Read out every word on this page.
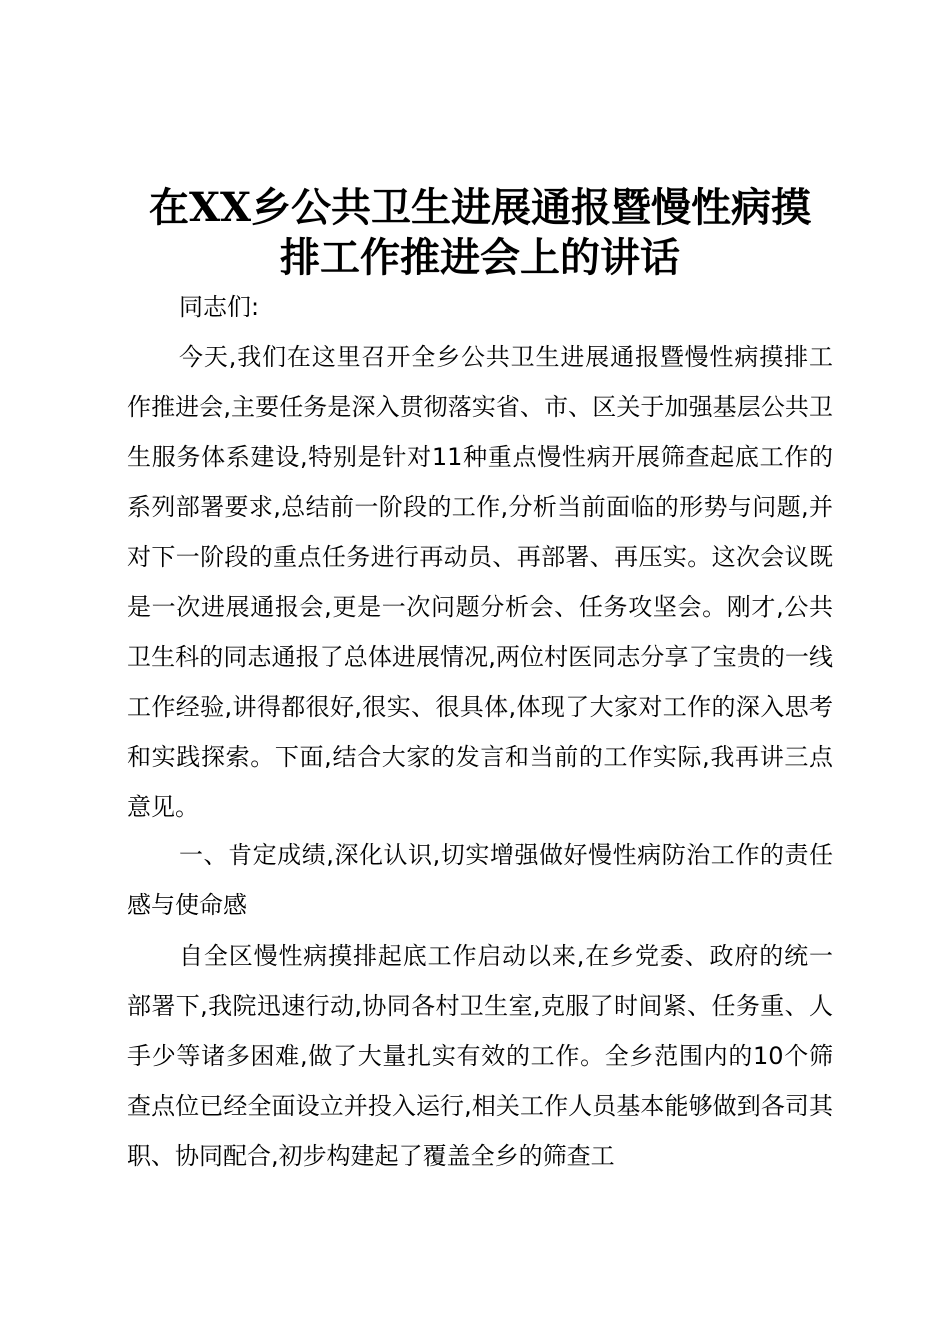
在XX乡公共卫生进展通报暨慢性病摸
排工作推进会上的讲话

同志们:

今天,我们在这里召开全乡公共卫生进展通报暨慢性病摸排工作推进会,主要任务是深入贯彻落实省、市、区关于加强基层公共卫生服务体系建设,特别是针对11种重点慢性病开展筛查起底工作的系列部署要求,总结前一阶段的工作,分析当前面临的形势与问题,并对下一阶段的重点任务进行再动员、再部署、再压实。这次会议既是一次进展通报会,更是一次问题分析会、任务攻坚会。刚才,公共卫生科的同志通报了总体进展情况,两位村医同志分享了宝贵的一线工作经验,讲得都很好,很实、很具体,体现了大家对工作的深入思考和实践探索。下面,结合大家的发言和当前的工作实际,我再讲三点意见。

一、肯定成绩,深化认识,切实增强做好慢性病防治工作的责任感与使命感

自全区慢性病摸排起底工作启动以来,在乡党委、政府的统一部署下,我院迅速行动,协同各村卫生室,克服了时间紧、任务重、人手少等诸多困难,做了大量扎实有效的工作。全乡范围内的10个筛查点位已经全面设立并投入运行,相关工作人员基本能够做到各司其职、协同配合,初步构建起了覆盖全乡的筛查工
